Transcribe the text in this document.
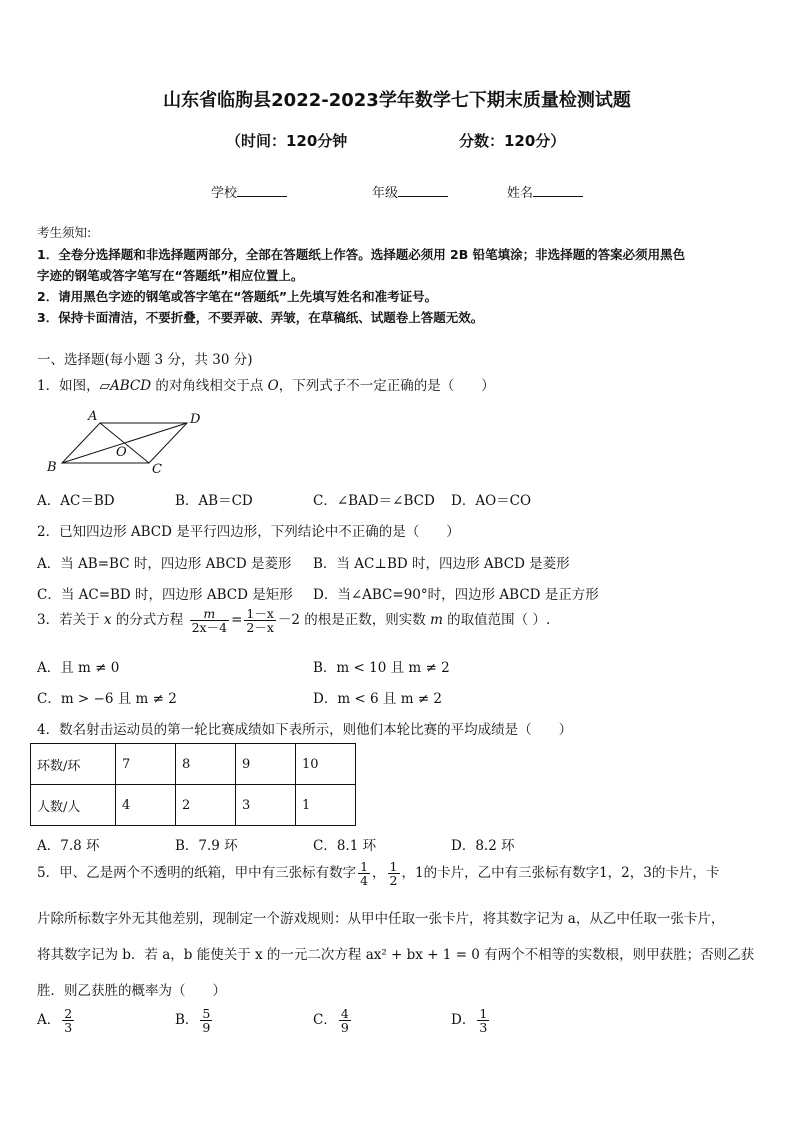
山东省临朐县2022-2023学年数学七下期末质量检测试题
（时间：120分钟	分数：120分）
学校	年级	姓名
考生须知:
1．全卷分选择题和非选择题两部分，全部在答题纸上作答。选择题必须用 2B 铅笔填涂；非选择题的答案必须用黑色
字迹的钢笔或答字笔写在“答题纸”相应位置上。
2．请用黑色字迹的钢笔或答字笔在“答题纸”上先填写姓名和准考证号。
3．保持卡面清洁，不要折叠，不要弄破、弄皱，在草稿纸、试题卷上答题无效。
一、选择题(每小题 3 分，共 30 分)
1．如图，▱ABCD 的对角线相交于点 O，下列式子不一定正确的是（　　）
A	D
B	C
O
A．AC＝BD	B．AB＝CD	C．∠BAD＝∠BCD D．AO＝CO
2．已知四边形 ABCD 是平行四边形，下列结论中不正确的是（　　）
A．当 AB=BC 时，四边形 ABCD 是菱形 B．当 AC⊥BD 时，四边形 ABCD 是菱形
C．当 AC=BD 时，四边形 ABCD 是矩形 D．当∠ABC=90°时，四边形 ABCD 是正方形
3．若关于 x 的分式方程 $\frac{m}{2x-4} = \frac{1-x}{2-x} -2$ 的根是正数，则实数 m 的取值范围（ ）.
A．且 m ≠ 0	B．m < 10 且 m ≠ 2
C．m > −6 且 m ≠ 2	D．m < 6 且 m ≠ 2
4．数名射击运动员的第一轮比赛成绩如下表所示，则他们本轮比赛的平均成绩是（　　）
环数/环	7	8	9	10
人数/人	4	2	3	1
A．7.8 环	B．7.9 环	C．8.1 环	D．8.2 环
5．甲、乙是两个不透明的纸箱，甲中有三张标有数字 $\frac{1}{4}$ ， $\frac{1}{2}$ ，1的卡片，乙中有三张标有数字1，2，3的卡片，卡
片除所标数字外无其他差别，现制定一个游戏规则：从甲中任取一张卡片，将其数字记为 a，从乙中任取一张卡片，
将其数字记为 b．若 a，b 能使关于 x 的一元二次方程 ax² + bx + 1 = 0 有两个不相等的实数根，则甲获胜；否则乙获
胜．则乙获胜的概率为（　　）
A． $\frac{2}{3}$	B． $\frac{5}{9}$	C． $\frac{4}{9}$	D． $\frac{1}{3}$
